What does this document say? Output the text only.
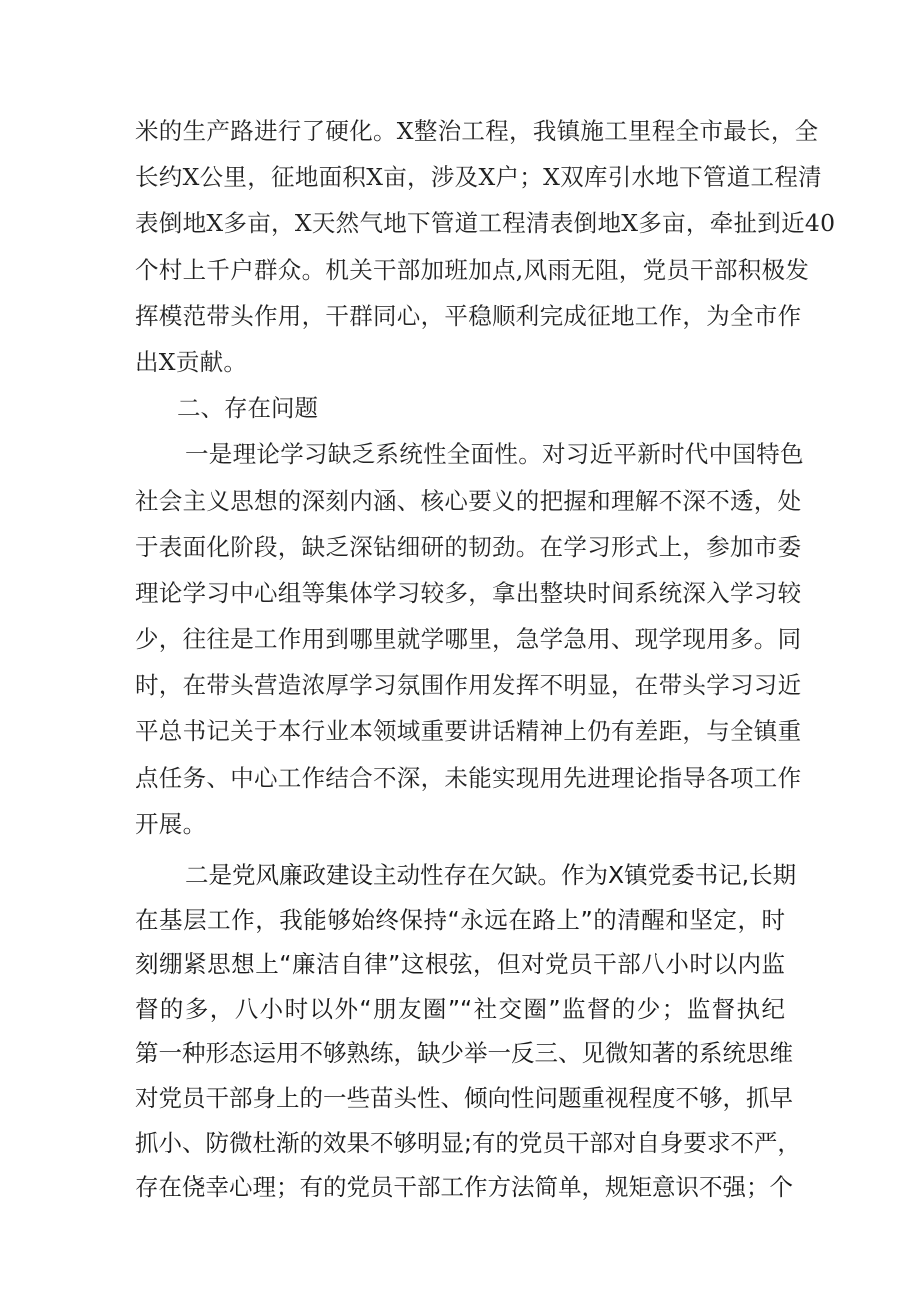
米的生产路进行了硬化。X整治工程，我镇施工里程全市最长，全
长约X公里，征地面积X亩，涉及X户；X双库引水地下管道工程清
表倒地X多亩，X天然气地下管道工程清表倒地X多亩，牵扯到近40
个村上千户群众。机关干部加班加点,风雨无阻，党员干部积极发
挥模范带头作用，干群同心，平稳顺利完成征地工作，为全市作
出X贡献。
二、存在问题
一是理论学习缺乏系统性全面性。对习近平新时代中国特色
社会主义思想的深刻内涵、核心要义的把握和理解不深不透，处
于表面化阶段，缺乏深钻细研的韧劲。在学习形式上，参加市委
理论学习中心组等集体学习较多，拿出整块时间系统深入学习较
少，往往是工作用到哪里就学哪里，急学急用、现学现用多。同
时，在带头营造浓厚学习氛围作用发挥不明显，在带头学习习近
平总书记关于本行业本领域重要讲话精神上仍有差距，与全镇重
点任务、中心工作结合不深，未能实现用先进理论指导各项工作
开展。
二是党风廉政建设主动性存在欠缺。作为X镇党委书记,长期
在基层工作，我能够始终保持“永远在路上”的清醒和坚定，时
刻绷紧思想上“廉洁自律”这根弦，但对党员干部八小时以内监
督的多，八小时以外“朋友圈”“社交圈”监督的少；监督执纪
第一种形态运用不够熟练，缺少举一反三、见微知著的系统思维
对党员干部身上的一些苗头性、倾向性问题重视程度不够，抓早
抓小、防微杜渐的效果不够明显;有的党员干部对自身要求不严，
存在侥幸心理；有的党员干部工作方法简单，规矩意识不强；个
